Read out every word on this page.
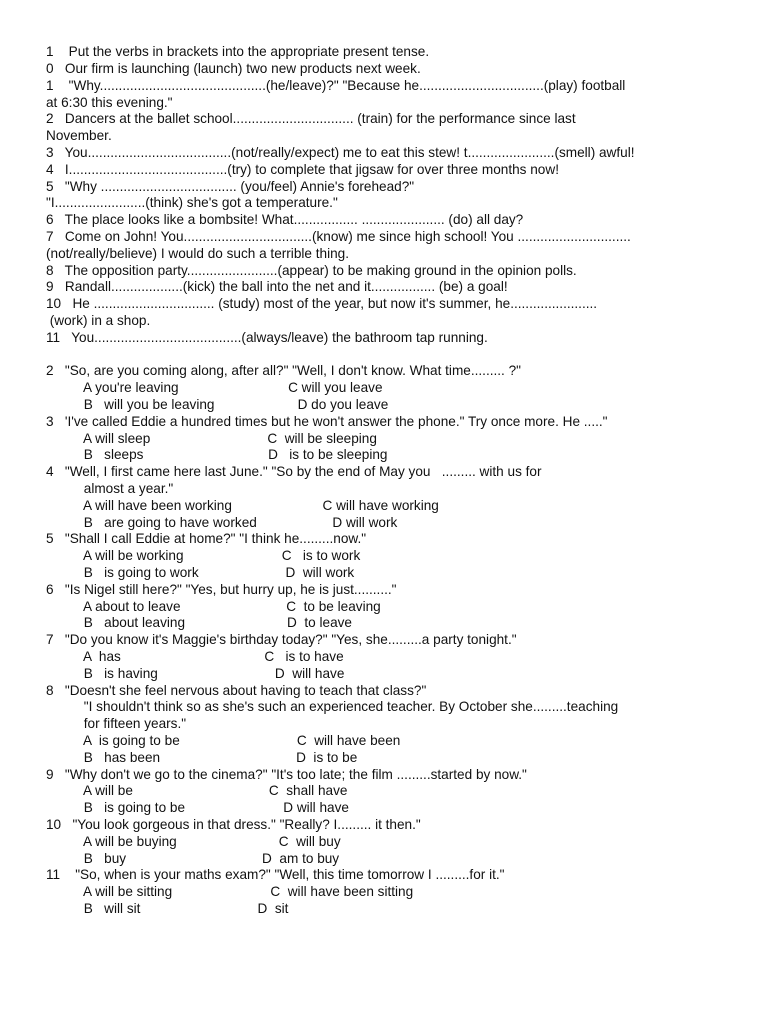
1    Put the verbs in brackets into the appropriate present tense.
0   Our firm is launching (launch) two new products next week.
1    "Why............................................(he/leave)?" "Because he.................................(play) football
at 6:30 this evening."
2   Dancers at the ballet school................................ (train) for the performance since last
November.
3   You......................................(not/really/expect) me to eat this stew! t.......................(smell) awful!
4   I..........................................(try) to complete that jigsaw for over three months now!
5   "Why .................................... (you/feel) Annie's forehead?"
"I........................(think) she's got a temperature."
6   The place looks like a bombsite! What................. ...................... (do) all day?
7   Come on John! You..................................(know) me since high school! You ..............................
(not/really/believe) I would do such a terrible thing.
8   The opposition party........................(appear) to be making ground in the opinion polls.
9   Randall...................(kick) the ball into the net and it................. (be) a goal!
10   He ................................ (study) most of the year, but now it's summer, he.......................
(work) in a shop.
11   You.......................................(always/leave) the bathroom tap running.
2   "So, are you coming along, after all?" "Well, I don't know. What time......... ?"
A you're leaving                             C will you leave
B   will you be leaving                      D do you leave
3   'I've called Eddie a hundred times but he won't answer the phone." Try once more. He ....."
A will sleep                               C  will be sleeping
B   sleeps                                 D   is to be sleeping
4   "Well, I first came here last June." "So by the end of May you   ......... with us for
almost a year."
A will have been working                        C will have working
B   are going to have worked                    D will work
5   "Shall I call Eddie at home?" "I think he.........now."
A will be working                          C   is to work
B   is going to work                       D  will work
6   "Is Nigel still here?" "Yes, but hurry up, he is just.........."
A about to leave                            C  to be leaving
B   about leaving                           D  to leave
7   "Do you know it's Maggie's birthday today?" "Yes, she.........a party tonight."
A  has                                      C   is to have
B   is having                               D  will have
8   "Doesn't she feel nervous about having to teach that class?"
"I shouldn't think so as she's such an experienced teacher. By October she.........teaching
for fifteen years."
A  is going to be                               C  will have been
B   has been                                    D  is to be
9   "Why don't we go to the cinema?" "It's too late; the film .........started by now."
A will be                                    C  shall have
B   is going to be                          D will have
10   "You look gorgeous in that dress." "Really? I......... it then."
A will be buying                           C  will buy
B   buy                                    D  am to buy
11    "So, when is your maths exam?" "Well, this time tomorrow I .........for it."
A will be sitting                          C  will have been sitting
B   will sit                               D  sit
